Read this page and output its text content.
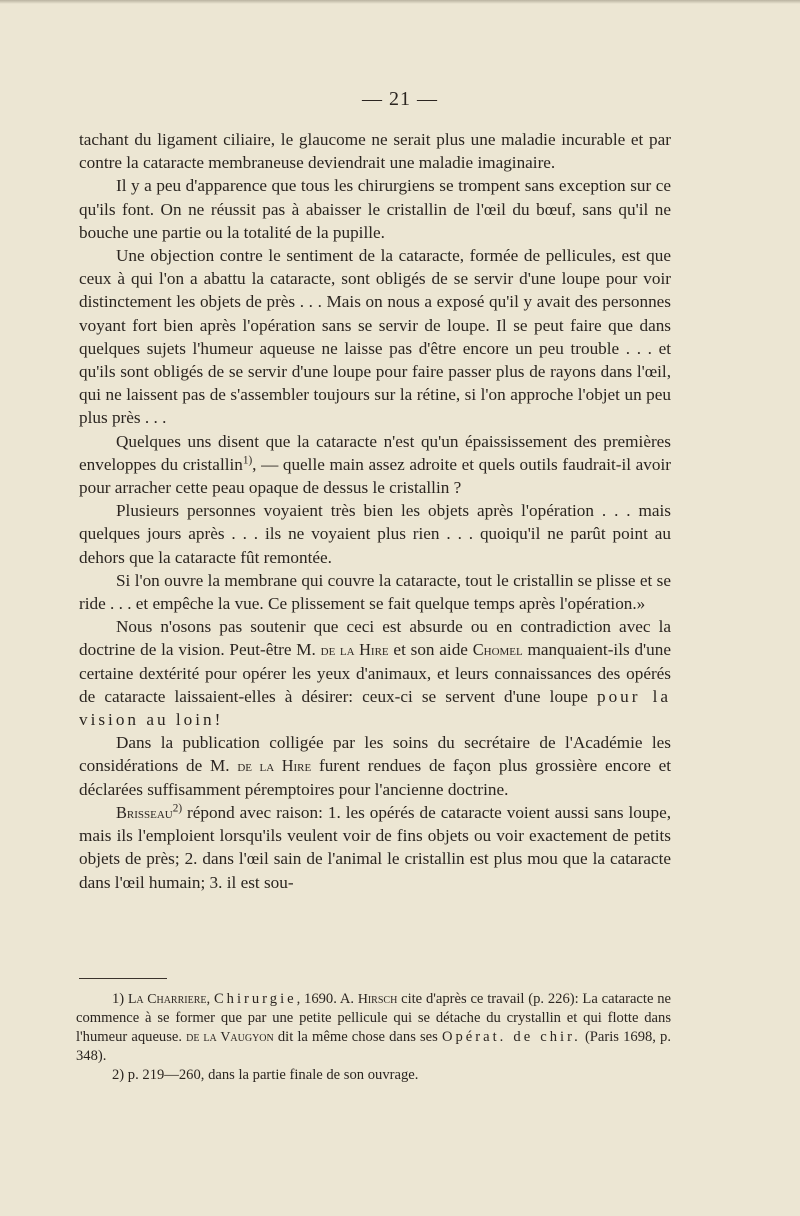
— 21 —

tachant du ligament ciliaire, le glaucome ne serait plus une maladie incurable et par contre la cataracte membraneuse deviendrait une maladie imaginaire.

Il y a peu d'apparence que tous les chirurgiens se trompent sans exception sur ce qu'ils font. On ne réussit pas à abaisser le cristallin de l'œil du bœuf, sans qu'il ne bouche une partie ou la totalité de la pupille.

Une objection contre le sentiment de la cataracte, formée de pellicules, est que ceux à qui l'on a abattu la cataracte, sont obligés de se servir d'une loupe pour voir distinctement les objets de près . . . Mais on nous a exposé qu'il y avait des personnes voyant fort bien après l'opération sans se servir de loupe. Il se peut faire que dans quelques sujets l'humeur aqueuse ne laisse pas d'être encore un peu trouble . . . et qu'ils sont obligés de se servir d'une loupe pour faire passer plus de rayons dans l'œil, qui ne laissent pas de s'assembler toujours sur la rétine, si l'on approche l'objet un peu plus près . . .

Quelques uns disent que la cataracte n'est qu'un épaississement des premières enveloppes du cristallin$^{1)}$, — quelle main assez adroite et quels outils faudrait-il avoir pour arracher cette peau opaque de dessus le cristallin ?

Plusieurs personnes voyaient très bien les objets après l'opération . . . mais quelques jours après . . . ils ne voyaient plus rien . . . quoiqu'il ne parût point au dehors que la cataracte fût remontée.

Si l'on ouvre la membrane qui couvre la cataracte, tout le cristallin se plisse et se ride . . . et empêche la vue. Ce plissement se fait quelque temps après l'opération.»

Nous n'osons pas soutenir que ceci est absurde ou en contradiction avec la doctrine de la vision. Peut-être M. de la Hire et son aide Chomel manquaient-ils d'une certaine dextérité pour opérer les yeux d'animaux, et leurs connaissances des opérés de cataracte laissaient-elles à désirer: ceux-ci se servent d'une loupe pour la vision au loin!

Dans la publication colligée par les soins du secrétaire de l'Académie les considérations de M. de la Hire furent rendues de façon plus grossière encore et déclarées suffisamment péremptoires pour l'ancienne doctrine.

Brisseau$^{2)}$ répond avec raison: 1. les opérés de cataracte voient aussi sans loupe, mais ils l'emploient lorsqu'ils veulent voir de fins objets ou voir exactement de petits objets de près; 2. dans l'œil sain de l'animal le cristallin est plus mou que la cataracte dans l'œil humain; 3. il est sou-

1) La Charriere, Chirurgie, 1690. A. Hirsch cite d'après ce travail (p. 226): La cataracte ne commence à se former que par une petite pellicule qui se détache du crystallin et qui flotte dans l'humeur aqueuse. de la Vaugyon dit la même chose dans ses Opérat. de chir. (Paris 1698, p. 348).

2) p. 219—260, dans la partie finale de son ouvrage.
